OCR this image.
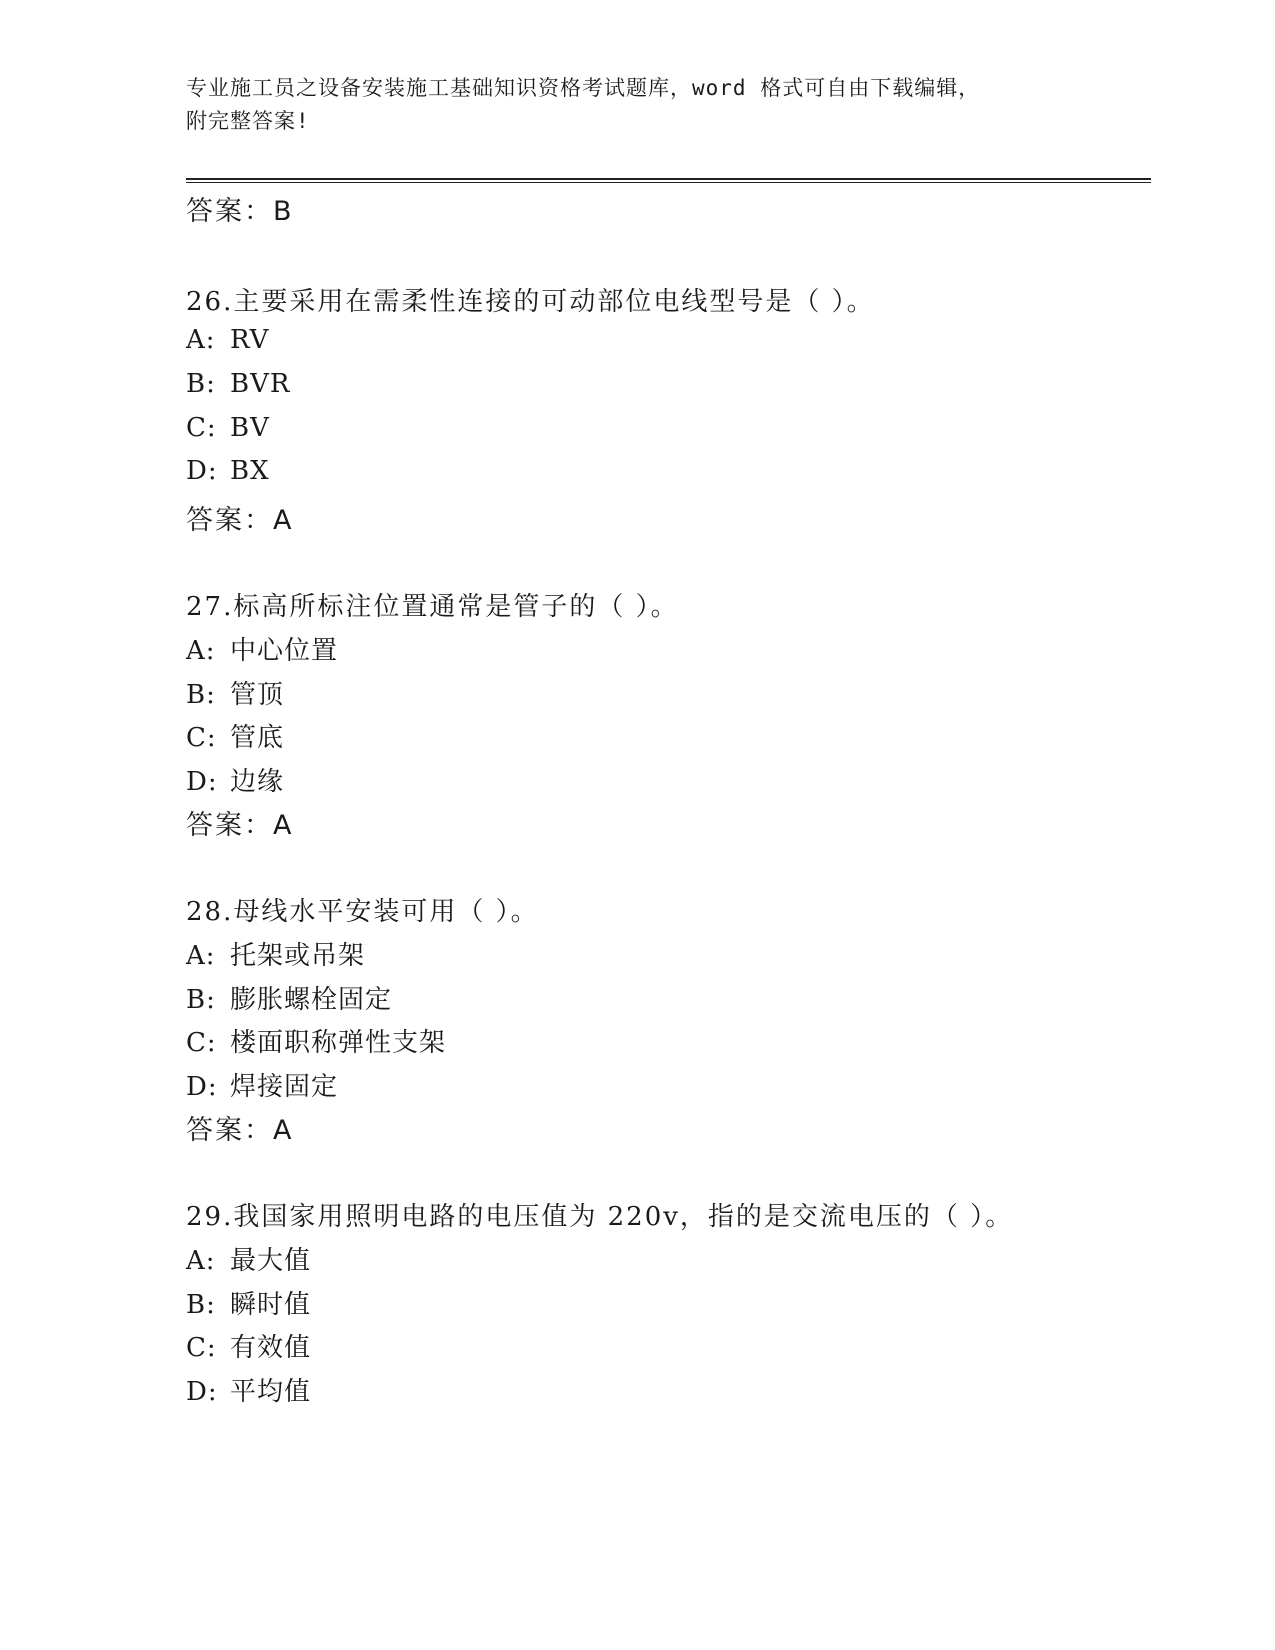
专业施工员之设备安装施工基础知识资格考试题库，word 格式可自由下载编辑，
附完整答案!
答案：B
26.主要采用在需柔性连接的可动部位电线型号是（ ）。
A: RV
B: BVR
C: BV
D: BX
答案：A
27.标高所标注位置通常是管子的（ ）。
A: 中心位置
B: 管顶
C: 管底
D: 边缘
答案：A
28.母线水平安装可用（ ）。
A: 托架或吊架
B: 膨胀螺栓固定
C: 楼面职称弹性支架
D: 焊接固定
答案：A
29.我国家用照明电路的电压值为 220v，指的是交流电压的（ ）。
A: 最大值
B: 瞬时值
C: 有效值
D: 平均值
